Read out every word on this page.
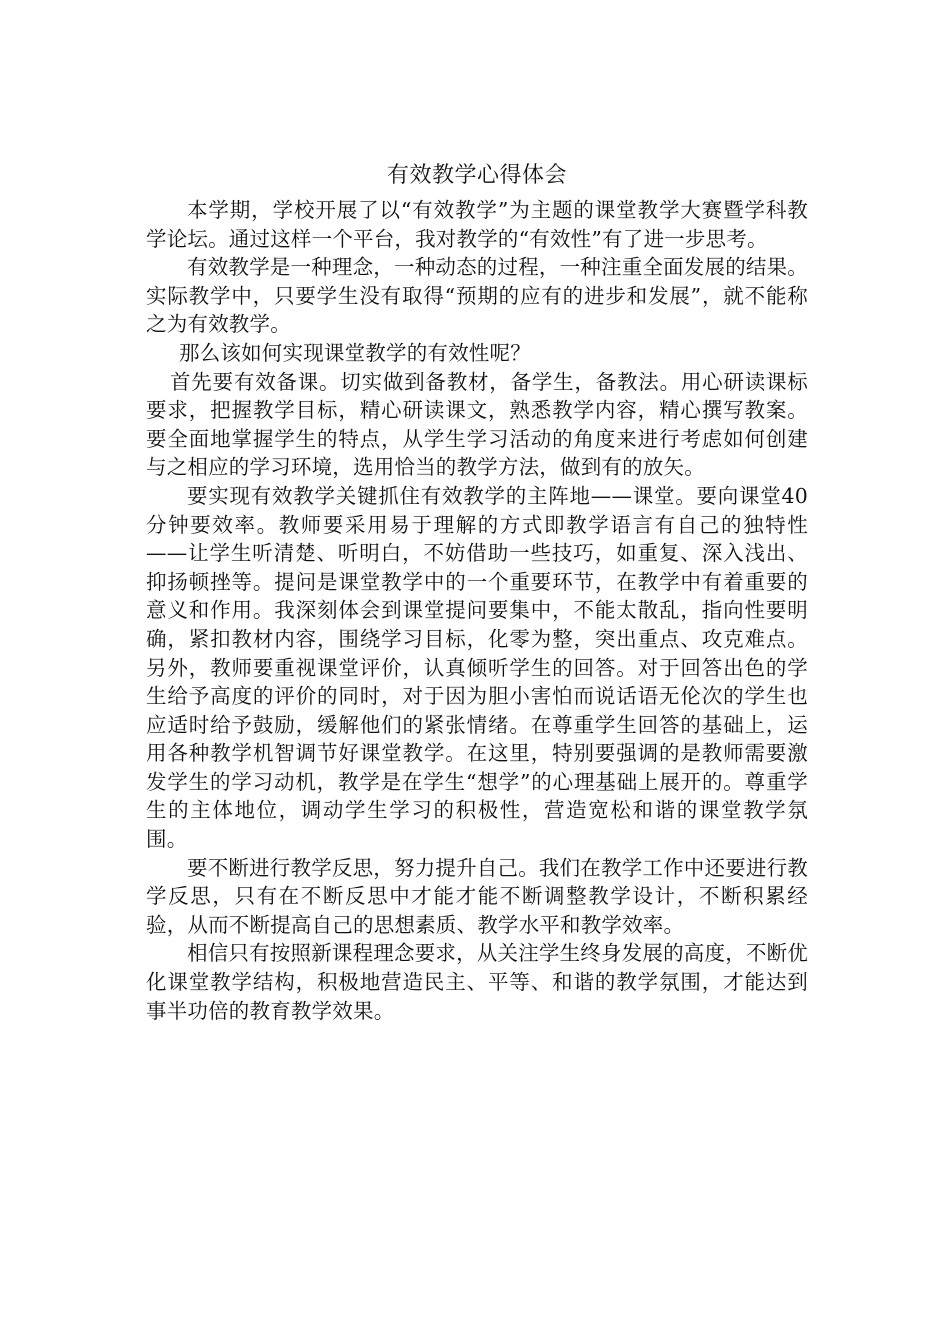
有效教学心得体会

本学期，学校开展了以“有效教学”为主题的课堂教学大赛暨学科教学论坛。通过这样一个平台，我对教学的“有效性”有了进一步思考。

有效教学是一种理念，一种动态的过程，一种注重全面发展的结果。实际教学中，只要学生没有取得“预期的应有的进步和发展”，就不能称之为有效教学。

那么该如何实现课堂教学的有效性呢？

首先要有效备课。切实做到备教材，备学生，备教法。用心研读课标要求，把握教学目标，精心研读课文，熟悉教学内容，精心撰写教案。要全面地掌握学生的特点，从学生学习活动的角度来进行考虑如何创建与之相应的学习环境，选用恰当的教学方法，做到有的放矢。

要实现有效教学关键抓住有效教学的主阵地——课堂。要向课堂40分钟要效率。教师要采用易于理解的方式即教学语言有自己的独特性——让学生听清楚、听明白，不妨借助一些技巧，如重复、深入浅出、抑扬顿挫等。提问是课堂教学中的一个重要环节，在教学中有着重要的意义和作用。我深刻体会到课堂提问要集中，不能太散乱，指向性要明确，紧扣教材内容，围绕学习目标，化零为整，突出重点、攻克难点。另外，教师要重视课堂评价，认真倾听学生的回答。对于回答出色的学生给予高度的评价的同时，对于因为胆小害怕而说话语无伦次的学生也应适时给予鼓励，缓解他们的紧张情绪。在尊重学生回答的基础上，运用各种教学机智调节好课堂教学。在这里，特别要强调的是教师需要激发学生的学习动机，教学是在学生“想学”的心理基础上展开的。尊重学生的主体地位，调动学生学习的积极性，营造宽松和谐的课堂教学氛围。

要不断进行教学反思，努力提升自己。我们在教学工作中还要进行教学反思，只有在不断反思中才能才能不断调整教学设计，不断积累经验，从而不断提高自己的思想素质、教学水平和教学效率。

相信只有按照新课程理念要求，从关注学生终身发展的高度，不断优化课堂教学结构，积极地营造民主、平等、和谐的教学氛围，才能达到事半功倍的教育教学效果。
